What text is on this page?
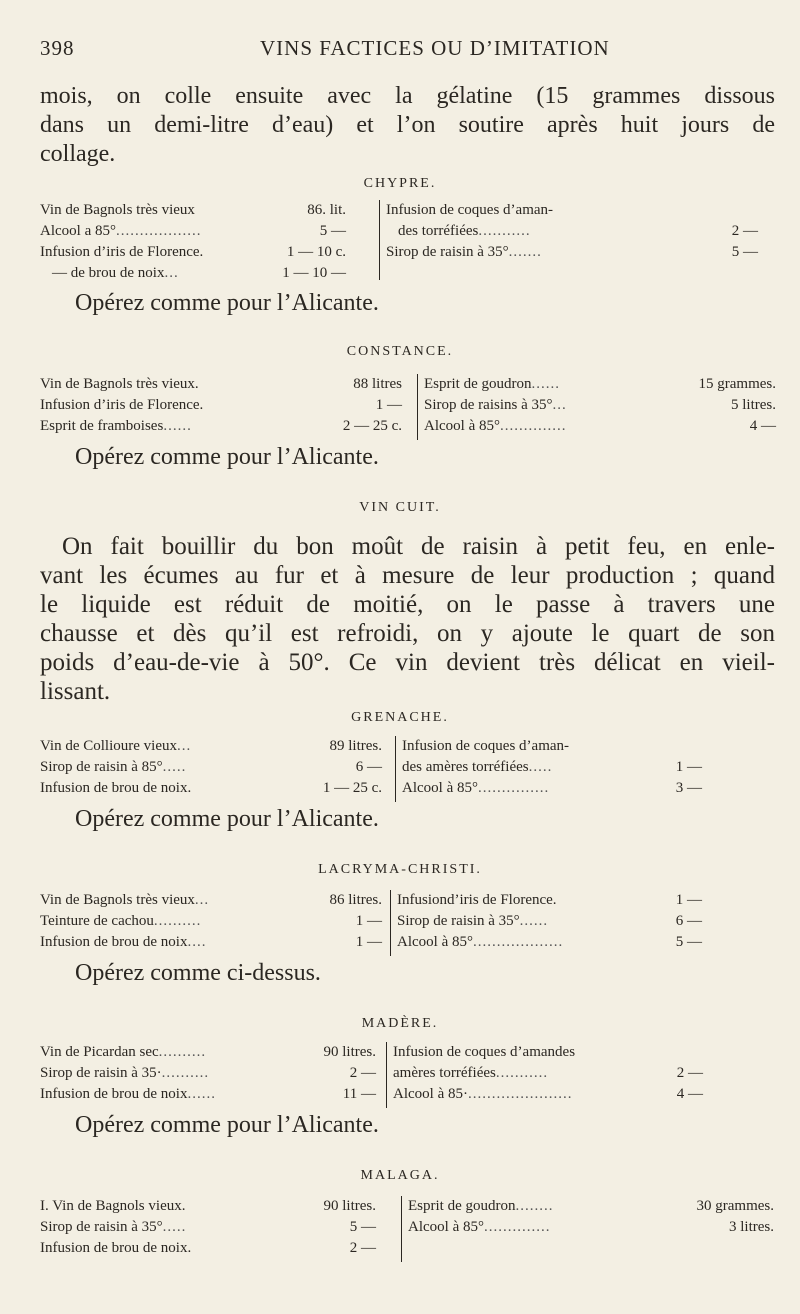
398	VINS FACTICES OU D’IMITATION
mois, on colle ensuite avec la gélatine (15 grammes dissous
dans un demi-litre d’eau) et l’on soutire après huit jours de
collage.
CHYPRE.
Vin de Bagnols très vieux	86. lit.
Alcool a 85° ..................	5 —
Infusion d’iris de Florence.	1 — 10 c.
— de brou de noix ...	1 — 10 —
Infusion de coques d’aman-
des torréfiées ...........	2 —
Sirop de raisin à 35° .......	5 —
Opérez comme pour l’Alicante.
CONSTANCE.
Vin de Bagnols très vieux.	88 litres
Infusion d’iris de Florence.	1 —
Esprit de framboises ......	2 — 25 c.
Esprit de goudron ......	15 grammes.
Sirop de raisins à 35° ...	5 litres.
Alcool à 85° ..............	4 —
Opérez comme pour l’Alicante.
VIN CUIT.
On fait bouillir du bon moût de raisin à petit feu, en enle-
vant les écumes au fur et à mesure de leur production ; quand
le liquide est réduit de moitié, on le passe à travers une
chausse et dès qu’il est refroidi, on y ajoute le quart de son
poids d’eau-de-vie à 50°. Ce vin devient très délicat en vieil-
lissant.
GRENACHE.
Vin de Collioure vieux ...	89 litres.
Sirop de raisin à 85° .....	6 —
Infusion de brou de noix.	1 — 25 c.
Infusion de coques d’aman-
des amères torréfiées .....	1 —
Alcool à 85° ...............	3 —
Opérez comme pour l’Alicante.
LACRYMA-CHRISTI.
Vin de Bagnols très vieux ...	86 litres.
Teinture de cachou ..........	1 —
Infusion de brou de noix ....	1 —
Infusiond’iris de Florence.	1 —
Sirop de raisin à 35° ......	6 —
Alcool à 85° ...................	5 —
Opérez comme ci-dessus.
MADÈRE.
Vin de Picardan sec ..........	90 litres.
Sirop de raisin à 35· ..........	2 —
Infusion de brou de noix ......	11 —
Infusion de coques d’amandes
amères torréfiées ...........	2 —
Alcool à 85· ......................	4 —
Opérez comme pour l’Alicante.
MALAGA.
I. Vin de Bagnols vieux.	90 litres.
Sirop de raisin à 35° .....	5 —
Infusion de brou de noix.	2 —
Esprit de goudron ........	30 grammes.
Alcool à 85° ..............	3 litres.
